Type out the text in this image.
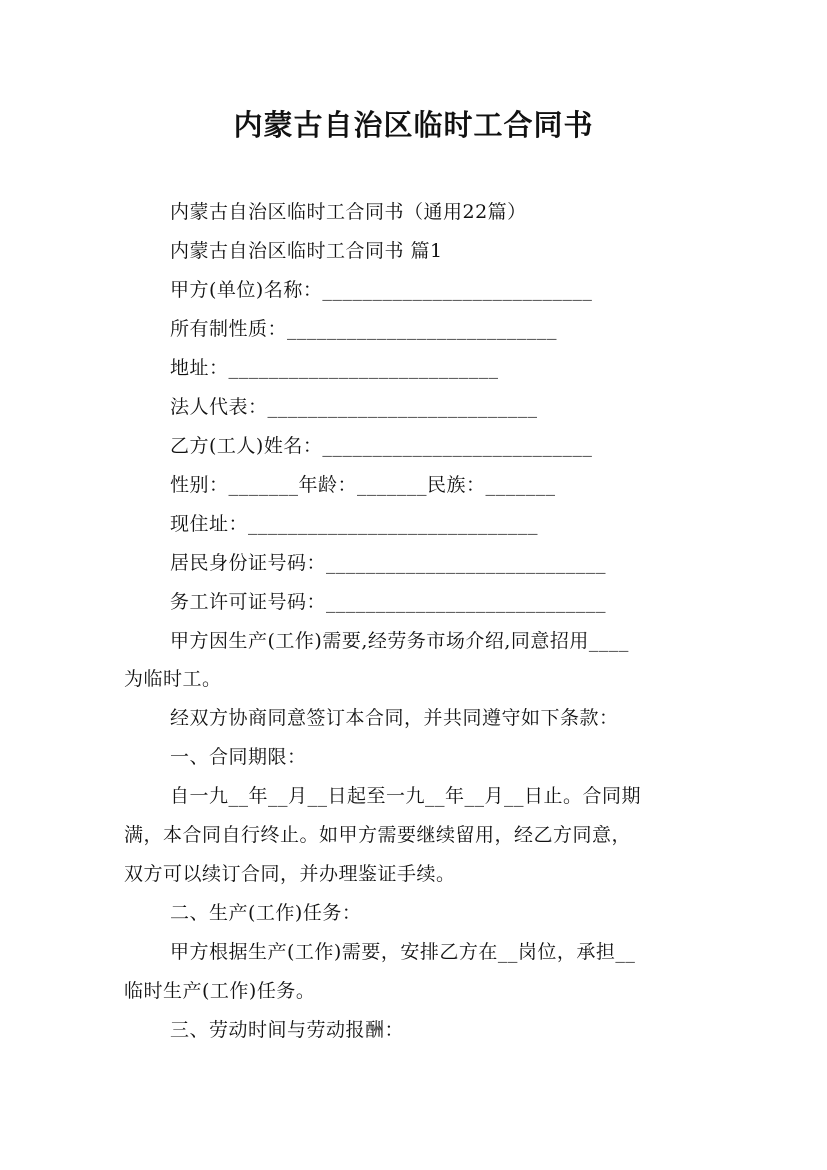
内蒙古自治区临时工合同书
内蒙古自治区临时工合同书（通用22篇）
内蒙古自治区临时工合同书 篇1
甲方(单位)名称：___________________________
所有制性质：___________________________
地址：___________________________
法人代表：___________________________
乙方(工人)姓名：___________________________
性别：_______年龄：_______民族：_______
现住址：_____________________________
居民身份证号码：____________________________
务工许可证号码：____________________________
甲方因生产(工作)需要,经劳务市场介绍,同意招用____
为临时工。
经双方协商同意签订本合同，并共同遵守如下条款：
一、合同期限：
自一九__年__月__日起至一九__年__月__日止。合同期
满，本合同自行终止。如甲方需要继续留用，经乙方同意，
双方可以续订合同，并办理鉴证手续。
二、生产(工作)任务：
甲方根据生产(工作)需要，安排乙方在__岗位，承担__
临时生产(工作)任务。
三、劳动时间与劳动报酬：
